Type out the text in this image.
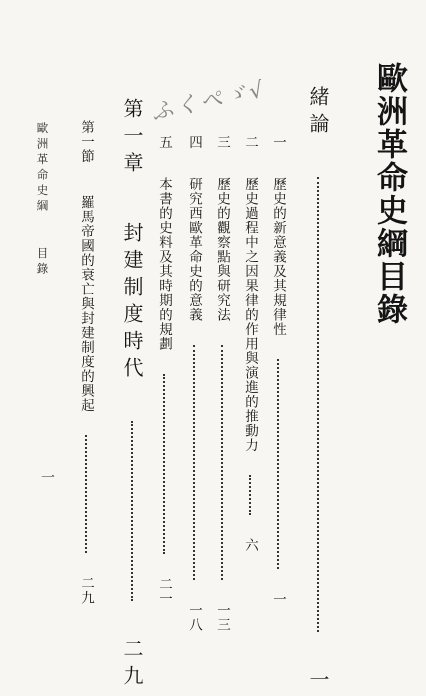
歐洲革命史綱目錄
緒論  一
一 歷史的新意義及其規律性  一
二 歷史過程中之因果律的作用與演進的推動力  六
三 歷史的觀察點與研究法  一三
四 研究西歐革命史的意義  一八
五 本書的史料及其時期的規劃  二一
第一章 封建制度時代  二九
第一節 羅馬帝國的衰亡與封建制度的興起  二九
歐洲革命史綱 目錄
一
ふくぺゞ√
